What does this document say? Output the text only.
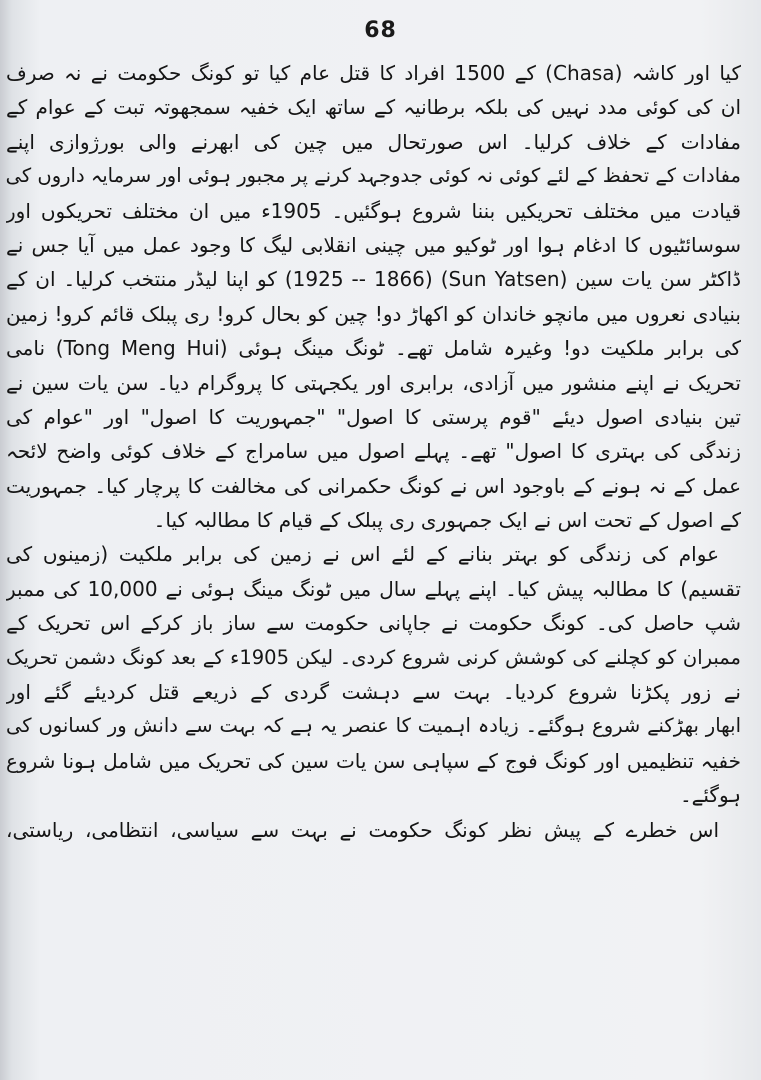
68
کیا اور کاشہ (Chasa) کے 1500 افراد کا قتل عام کیا تو کونگ حکومت نے نہ صرف
ان کی کوئی مدد نہیں کی بلکہ برطانیہ کے ساتھ ایک خفیہ سمجھوتہ تبت کے عوام کے
مفادات کے خلاف کرلیا۔ اس صورتحال میں چین کی ابھرنے والی بورژوازی اپنے
مفادات کے تحفظ کے لئے کوئی نہ کوئی جدوجہد کرنے پر مجبور ہوئی اور سرمایہ داروں کی
قیادت میں مختلف تحریکیں بننا شروع ہوگئیں۔ 1905ء میں ان مختلف تحریکوں اور
سوسائٹیوں کا ادغام ہوا اور ٹوکیو میں چینی انقلابی لیگ کا وجود عمل میں آیا جس نے
ڈاکٹر سن یات سین (Sun Yatsen) (1925 -- 1866) کو اپنا لیڈر منتخب کرلیا۔ ان کے
بنیادی نعروں میں مانچو خاندان کو اکھاڑ دو! چین کو بحال کرو! ری پبلک قائم کرو! زمین
کی برابر ملکیت دو! وغیرہ شامل تھے۔ ٹونگ مینگ ہوئی (Tong Meng Hui) نامی
تحریک نے اپنے منشور میں آزادی، برابری اور یکجہتی کا پروگرام دیا۔ سن یات سین نے
تین بنیادی اصول دیئے "قوم پرستی کا اصول" "جمہوریت کا اصول" اور "عوام کی
زندگی کی بہتری کا اصول" تھے۔ پہلے اصول میں سامراج کے خلاف کوئی واضح لائحہ
عمل کے نہ ہونے کے باوجود اس نے کونگ حکمرانی کی مخالفت کا پرچار کیا۔ جمہوریت
کے اصول کے تحت اس نے ایک جمہوری ری پبلک کے قیام کا مطالبہ کیا۔
عوام کی زندگی کو بہتر بنانے کے لئے اس نے زمین کی برابر ملکیت (زمینوں کی
تقسیم) کا مطالبہ پیش کیا۔ اپنے پہلے سال میں ٹونگ مینگ ہوئی نے 10,000 کی ممبر
شپ حاصل کی۔ کونگ حکومت نے جاپانی حکومت سے ساز باز کرکے اس تحریک کے
ممبران کو کچلنے کی کوشش کرنی شروع کردی۔ لیکن 1905ء کے بعد کونگ دشمن تحریک
نے زور پکڑنا شروع کردیا۔ بہت سے دہشت گردی کے ذریعے قتل کردیئے گئے اور
ابھار بھڑکنے شروع ہوگئے۔ زیادہ اہمیت کا عنصر یہ ہے کہ بہت سے دانش ور کسانوں کی
خفیہ تنظیمیں اور کونگ فوج کے سپاہی سن یات سین کی تحریک میں شامل ہونا شروع
ہوگئے۔
اس خطرے کے پیش نظر کونگ حکومت نے بہت سے سیاسی، انتظامی، ریاستی،
